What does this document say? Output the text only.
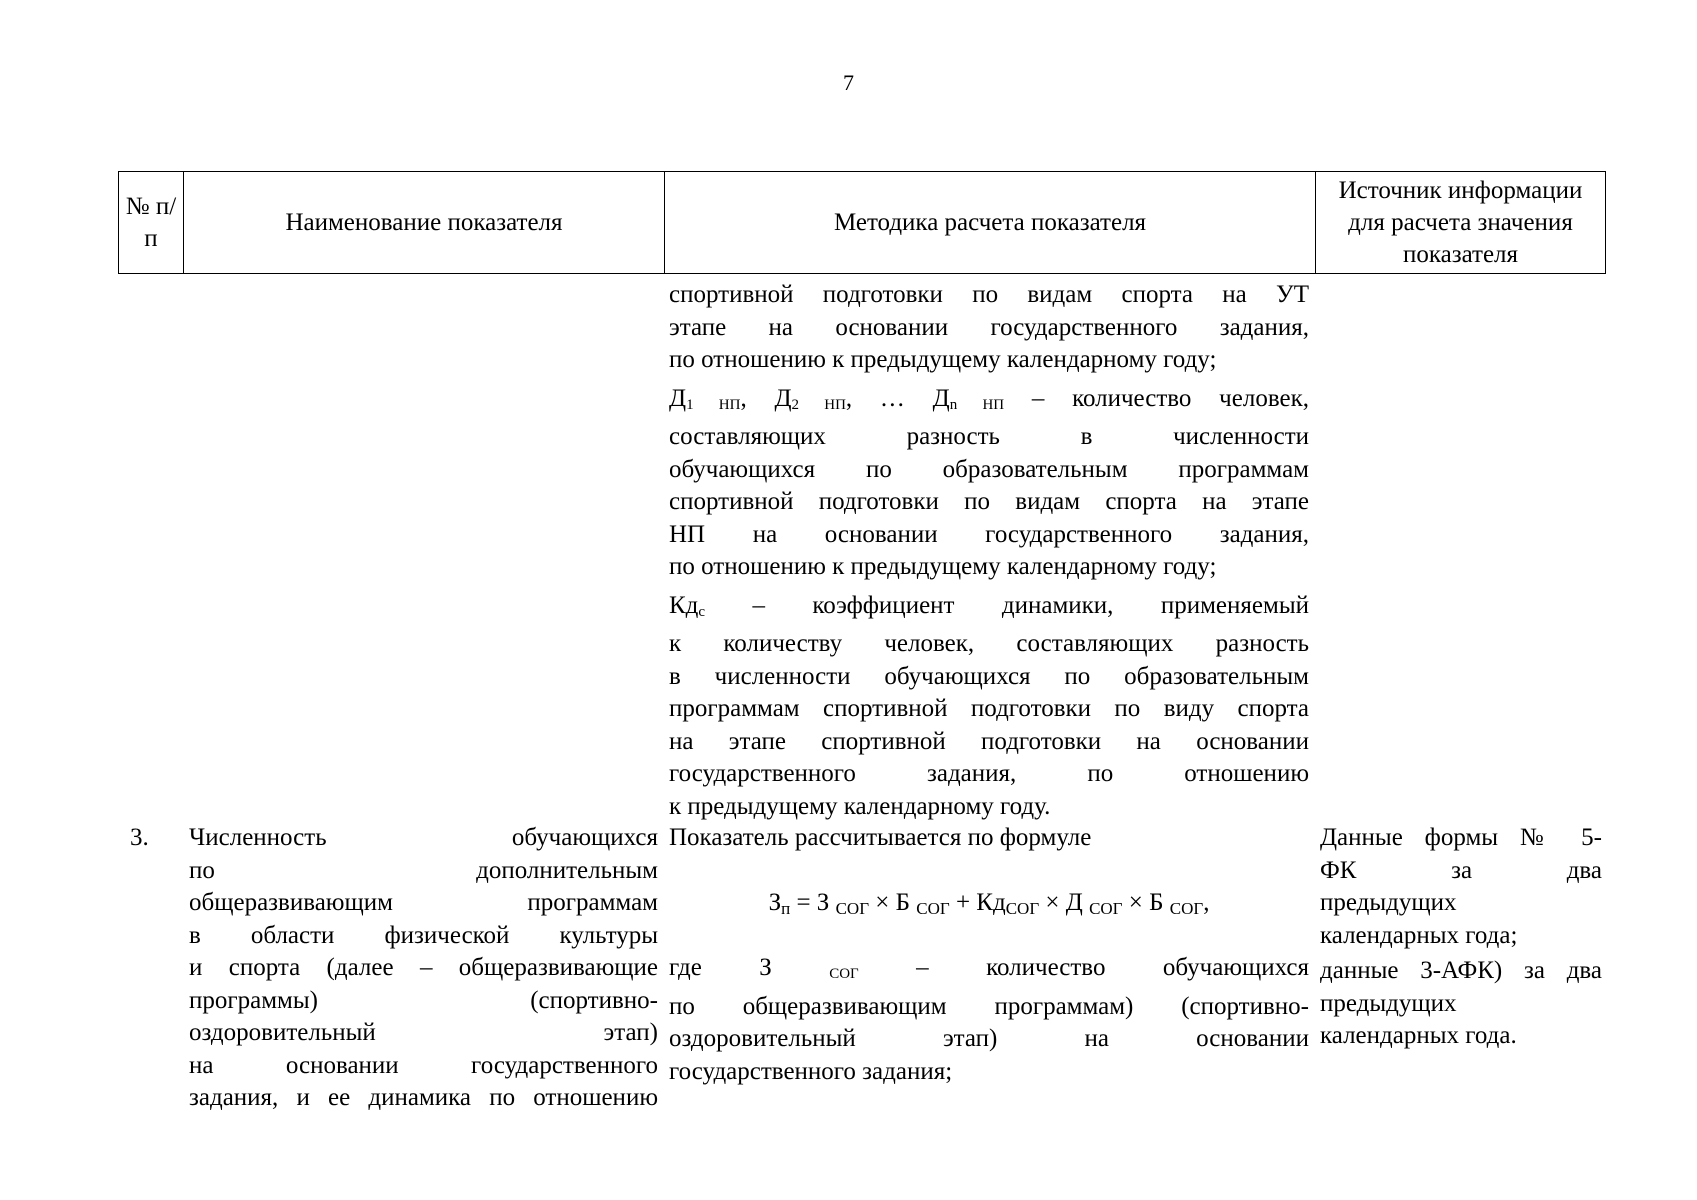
7
№ п/п
Наименование показателя	Методика расчета показателя
Источник информации для расчета значения показателя
спортивной подготовки по видам спорта на УТ
этапе на основании государственного задания,
по отношению к предыдущему календарному году;
$Д_{1 НП}$, $Д_{2 НП}$, … $Д_{n НП}$ – количество человек,
составляющих разность в численности
обучающихся по образовательным программам
спортивной подготовки по видам спорта на этапе
НП на основании государственного задания,
по отношению к предыдущему календарному году;
$Кд_с$ – коэффициент динамики, применяемый
к количеству человек, составляющих разность
в численности обучающихся по образовательным
программам спортивной подготовки по виду спорта
на этапе спортивной подготовки на основании
государственного задания, по отношению
к предыдущему календарному году.
3.	Численность обучающихся
по дополнительным
общеразвивающим программам
в области физической культуры
и спорта (далее – общеразвивающие
программы) (спортивно-
оздоровительный этап)
на основании государственного
задания, и ее динамика по отношению
Показатель рассчитывается по формуле
$З_п = З$ $_{СОГ}$ × Б $_{СОГ} + Кд_{СОГ} \times Д$ $_{СОГ}$ × Б $_{СОГ}$,
где З $_{СОГ}$ – количество обучающихся
по общеразвивающим программам) (спортивно-
оздоровительный этап) на основании
государственного задания;
Данные формы № 5-
ФК за два
предыдущих
календарных года;
данные 3-АФК) за два
предыдущих
календарных года.
